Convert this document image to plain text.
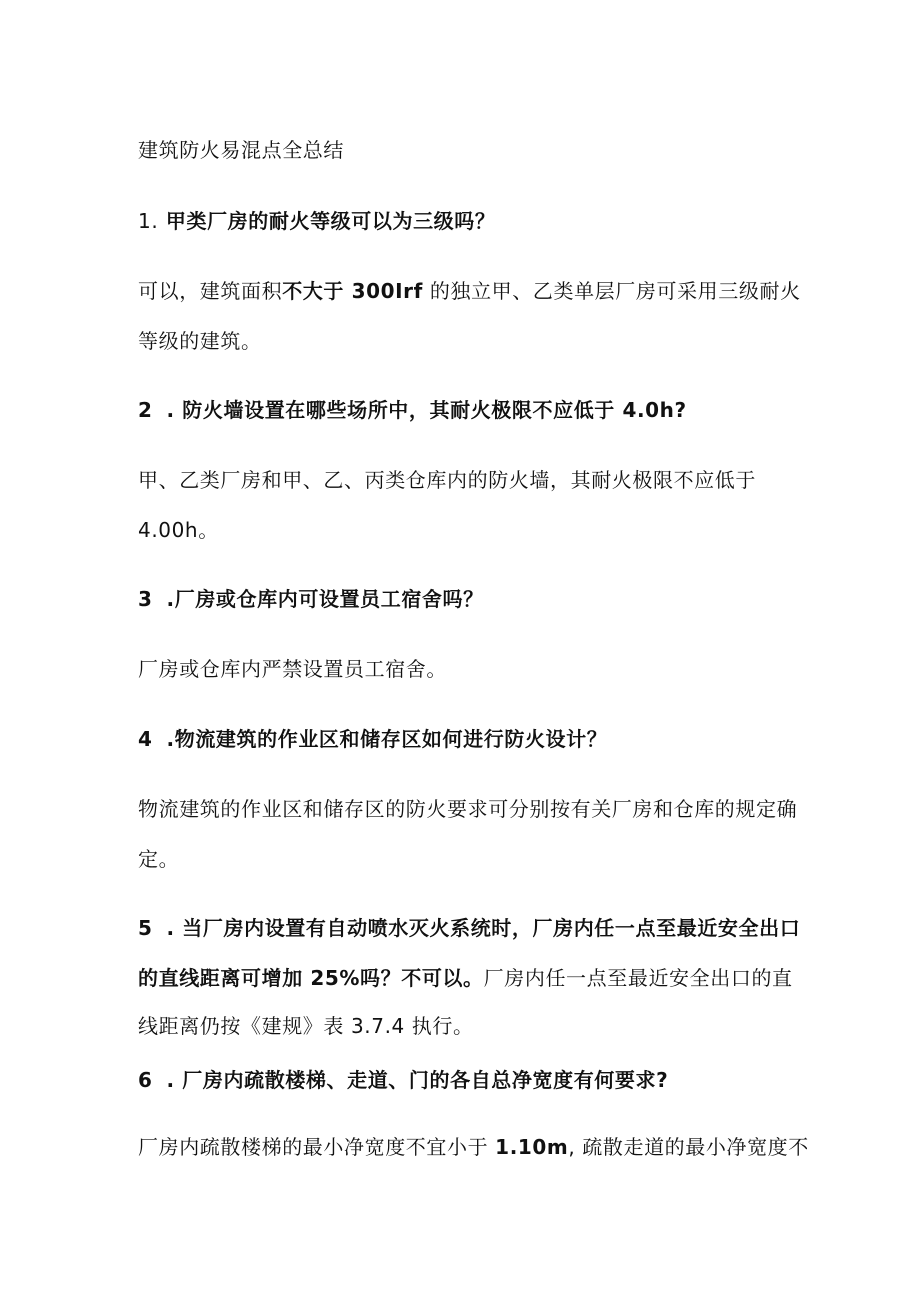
建筑防火易混点全总结
1. 甲类厂房的耐火等级可以为三级吗？
可以，建筑面积不大于 300Irf 的独立甲、乙类单层厂房可采用三级耐火
等级的建筑。
2 . 防火墙设置在哪些场所中，其耐火极限不应低于 4.0h?
甲、乙类厂房和甲、乙、丙类仓库内的防火墙，其耐火极限不应低于
4.00h。
3 .厂房或仓库内可设置员工宿舍吗？
厂房或仓库内严禁设置员工宿舍。
4 .物流建筑的作业区和储存区如何进行防火设计？
物流建筑的作业区和储存区的防火要求可分别按有关厂房和仓库的规定确
定。
5 . 当厂房内设置有自动喷水灭火系统时，厂房内任一点至最近安全出口
的直线距离可增加 25%吗？不可以。厂房内任一点至最近安全出口的直
线距离仍按《建规》表 3.7.4 执行。
6 . 厂房内疏散楼梯、走道、门的各自总净宽度有何要求?
厂房内疏散楼梯的最小净宽度不宜小于 1.10m, 疏散走道的最小净宽度不
